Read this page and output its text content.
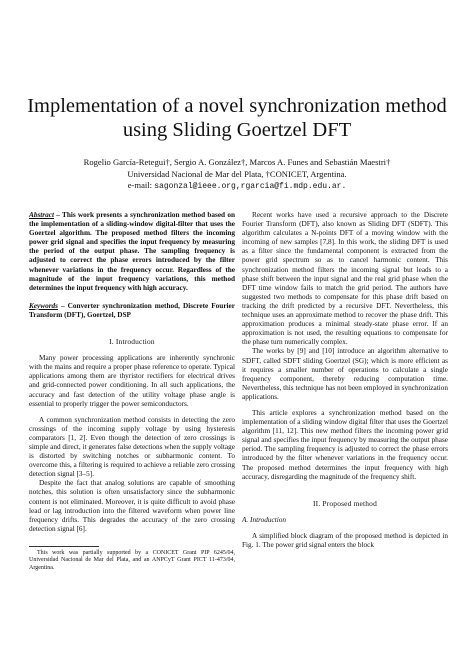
Implementation of a novel synchronization method
using Sliding Goertzel DFT
Rogelio García-Retegui†, Sergio A. González†, Marcos A. Funes and Sebastián Maestri†
Universidad Nacional de Mar del Plata, †CONICET, Argentina.
e-mail: sagonzal@ieee.org,rgarcia@fi.mdp.edu.ar.

Abstract – This work presents a synchronization method based on the implementation of a sliding-window digital-filter that uses the Goertzel algorithm. The proposed method filters the incoming power grid signal and specifies the input frequency by measuring the period of the output phase. The sampling frequency is adjusted to correct the phase errors introduced by the filter whenever variations in the frequency occur. Regardless of the magnitude of the input frequency variations, this method determines the input frequency with high accuracy.

Keywords – Converter synchronization method, Discrete Fourier Transform (DFT), Goertzel, DSP

I. Introduction

Many power processing applications are inherently synchronic with the mains and require a proper phase reference to operate. Typical applications among them are thyristor rectifiers for electrical drives and grid-connected power conditioning. In all such applications, the accuracy and fast detection of the utility voltage phase angle is essential to properly trigger the power semiconductors.

A common synchronization method consists in detecting the zero crossings of the incoming supply voltage by using hysteresis comparators [1, 2]. Even though the detection of zero crossings is simple and direct, it generates false detections when the supply voltage is distorted by switching notches or subharmonic content. To overcome this, a filtering is required to achieve a reliable zero crossing detection signal [3–5].

Despite the fact that analog solutions are capable of smoothing notches, this solution is often unsatisfactory since the subharmonic content is not eliminated. Moreover, it is quite difficult to avoid phase lead or lag introduction into the filtered waveform when power line frequency drifts. This degrades the accuracy of the zero crossing detection signal [6].

This work was partially supported by a CONICET Grant PIP 6245/04, Universidad Nacional de Mar del Plata, and an ANPCyT Grant PICT 11-473/04, Argentina.

Recent works have used a recursive approach to the Discrete Fourier Transform (DFT), also known as Sliding DFT (SDFT). This algorithm calculates a N-points DFT of a moving window with the incoming of new samples [7,8]. In this work, the sliding DFT is used as a filter since the fundamental component is extracted from the power grid spectrum so as to cancel harmonic content. This synchronization method filters the incoming signal but leads to a phase shift between the input signal and the real grid phase when the DFT time window fails to match the grid period. The authors have suggested two methods to compensate for this phase drift based on tracking the drift predicted by a recursive DFT. Nevertheless, this technique uses an approximate method to recover the phase drift. This approximation produces a minimal steady-state phase error. If an approximation is not used, the resulting equations to compensate for the phase turn numerically complex.

The works by [9] and [10] introduce an algorithm alternative to SDFT, called SDFT sliding Goertzel (SG); which is more efficient as it requires a smaller number of operations to calculate a single frequency component, thereby reducing computation time. Nevertheless, this technique has not been employed in synchronization applications.

This article explores a synchronization method based on the implementation of a sliding window digital filter that uses the Goertzel algorithm [11, 12]. This new method filters the incoming power grid signal and specifies the input frequency by measuring the output phase period. The sampling frequency is adjusted to correct the phase errors introduced by the filter whenever variations in the frequency occur. The proposed method determines the input frequency with high accuracy, disregarding the magnitude of the frequency shift.

II. Proposed method

A. Introduction

A simplified block diagram of the proposed method is depicted in Fig. 1. The power grid signal enters the block
